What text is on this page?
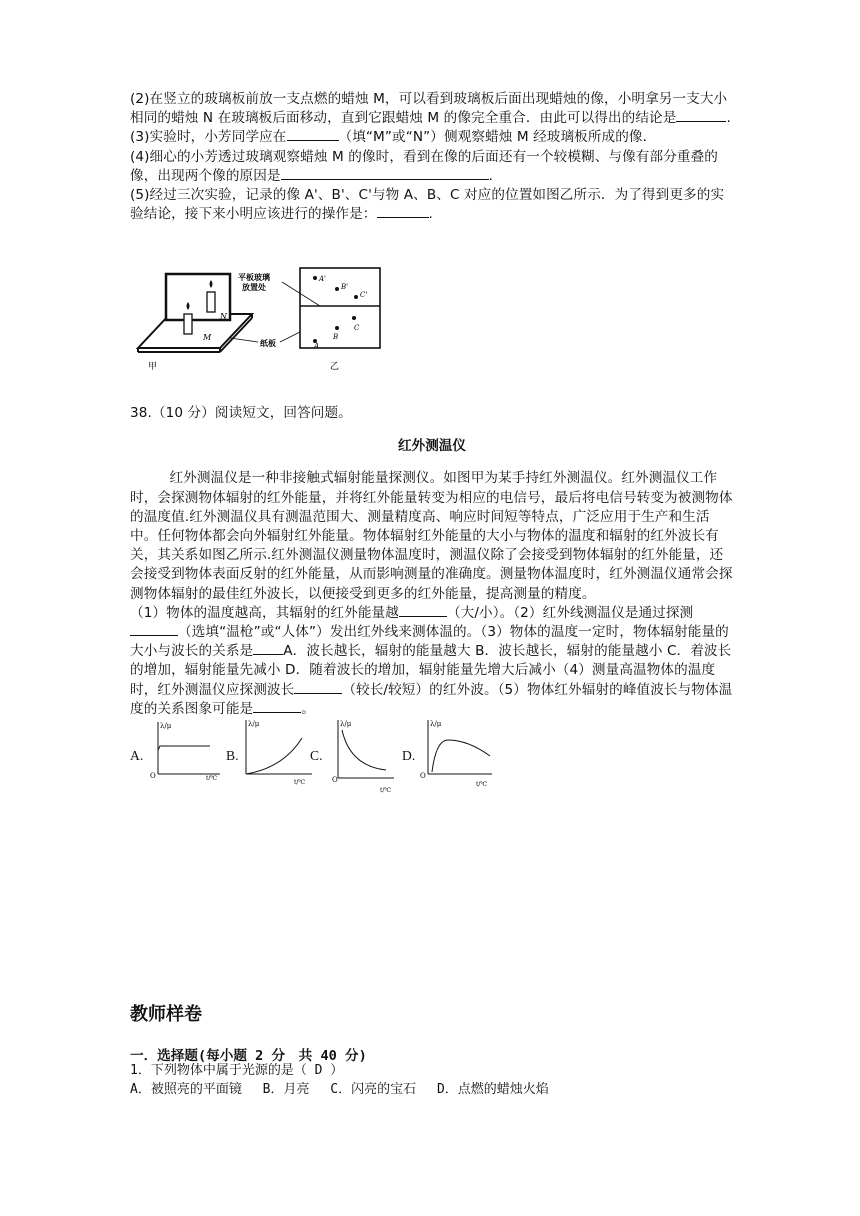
(2)在竖立的玻璃板前放一支点燃的蜡烛 M，可以看到玻璃板后面出现蜡烛的像，小明拿另一支大小相同的蜡烛 N 在玻璃板后面移动，直到它跟蜡烛 M 的像完全重合．由此可以得出的结论是	.

(3)实验时，小芳同学应在	（填“M”或“N”）侧观察蜡烛 M 经玻璃板所成的像．

(4)细心的小芳透过玻璃观察蜡烛 M 的像时，看到在像的后面还有一个较模糊、与像有部分重叠的像，出现两个像的原因是	.

(5)经过三次实验，记录的像 A'、B'、C'与物 A、B、C 对应的位置如图乙所示．为了得到更多的实验结论，接下来小明应该进行的操作是：	.

M
N
甲
A'
B'
C'
C
B
A
乙
平板玻璃
放置处
纸板

38.（10 分）阅读短文，回答问题。

红外测温仪

红外测温仪是一种非接触式辐射能量探测仪。如图甲为某手持红外测温仪。红外测温仪工作时，会探测物体辐射的红外能量，并将红外能量转变为相应的电信号，最后将电信号转变为被测物体的温度值.红外测温仪具有测温范围大、测量精度高、响应时间短等特点，广泛应用于生产和生活中。任何物体都会向外辐射红外能量。物体辐射红外能量的大小与物体的温度和辐射的红外波长有关，其关系如图乙所示.红外测温仪测量物体温度时，测温仪除了会接受到物体辐射的红外能量，还会接受到物体表面反射的红外能量，从而影响测量的准确度。测量物体温度时，红外测温仪通常会探测物体辐射的最佳红外波长，以便接受到更多的红外能量，提高测量的精度。

（1）物体的温度越高，其辐射的红外能量越	（大/小）。（2）红外线测温仪是通过探测（选填“温枪”或“人体”）发出红外线来测体温的。（3）物体的温度一定时，物体辐射能量的大小与波长的关系是 A．波长越长，辐射的能量越大 B．波长越长，辐射的能量越小 C．着波长的增加，辐射能量先减小 D．随着波长的增加，辐射能量先增大后减小（4）测量高温物体的温度时，红外测温仪应探测波长	（较长/较短）的红外波。（5）物体红外辐射的峰值波长与物体温度的关系图象可能是	。

A.
λ/μ
O	t/℃
B.
λ/μ
t/℃
C.
λ/μ
O
t/℃
D.
λ/μ
O
t/℃
教师样卷
一．选择题(每小题 2 分　共 40 分)
1．下列物体中属于光源的是（ D ）
A．被照亮的平面镜　 B．月亮　 C．闪亮的宝石　 D．点燃的蜡烛火焰
